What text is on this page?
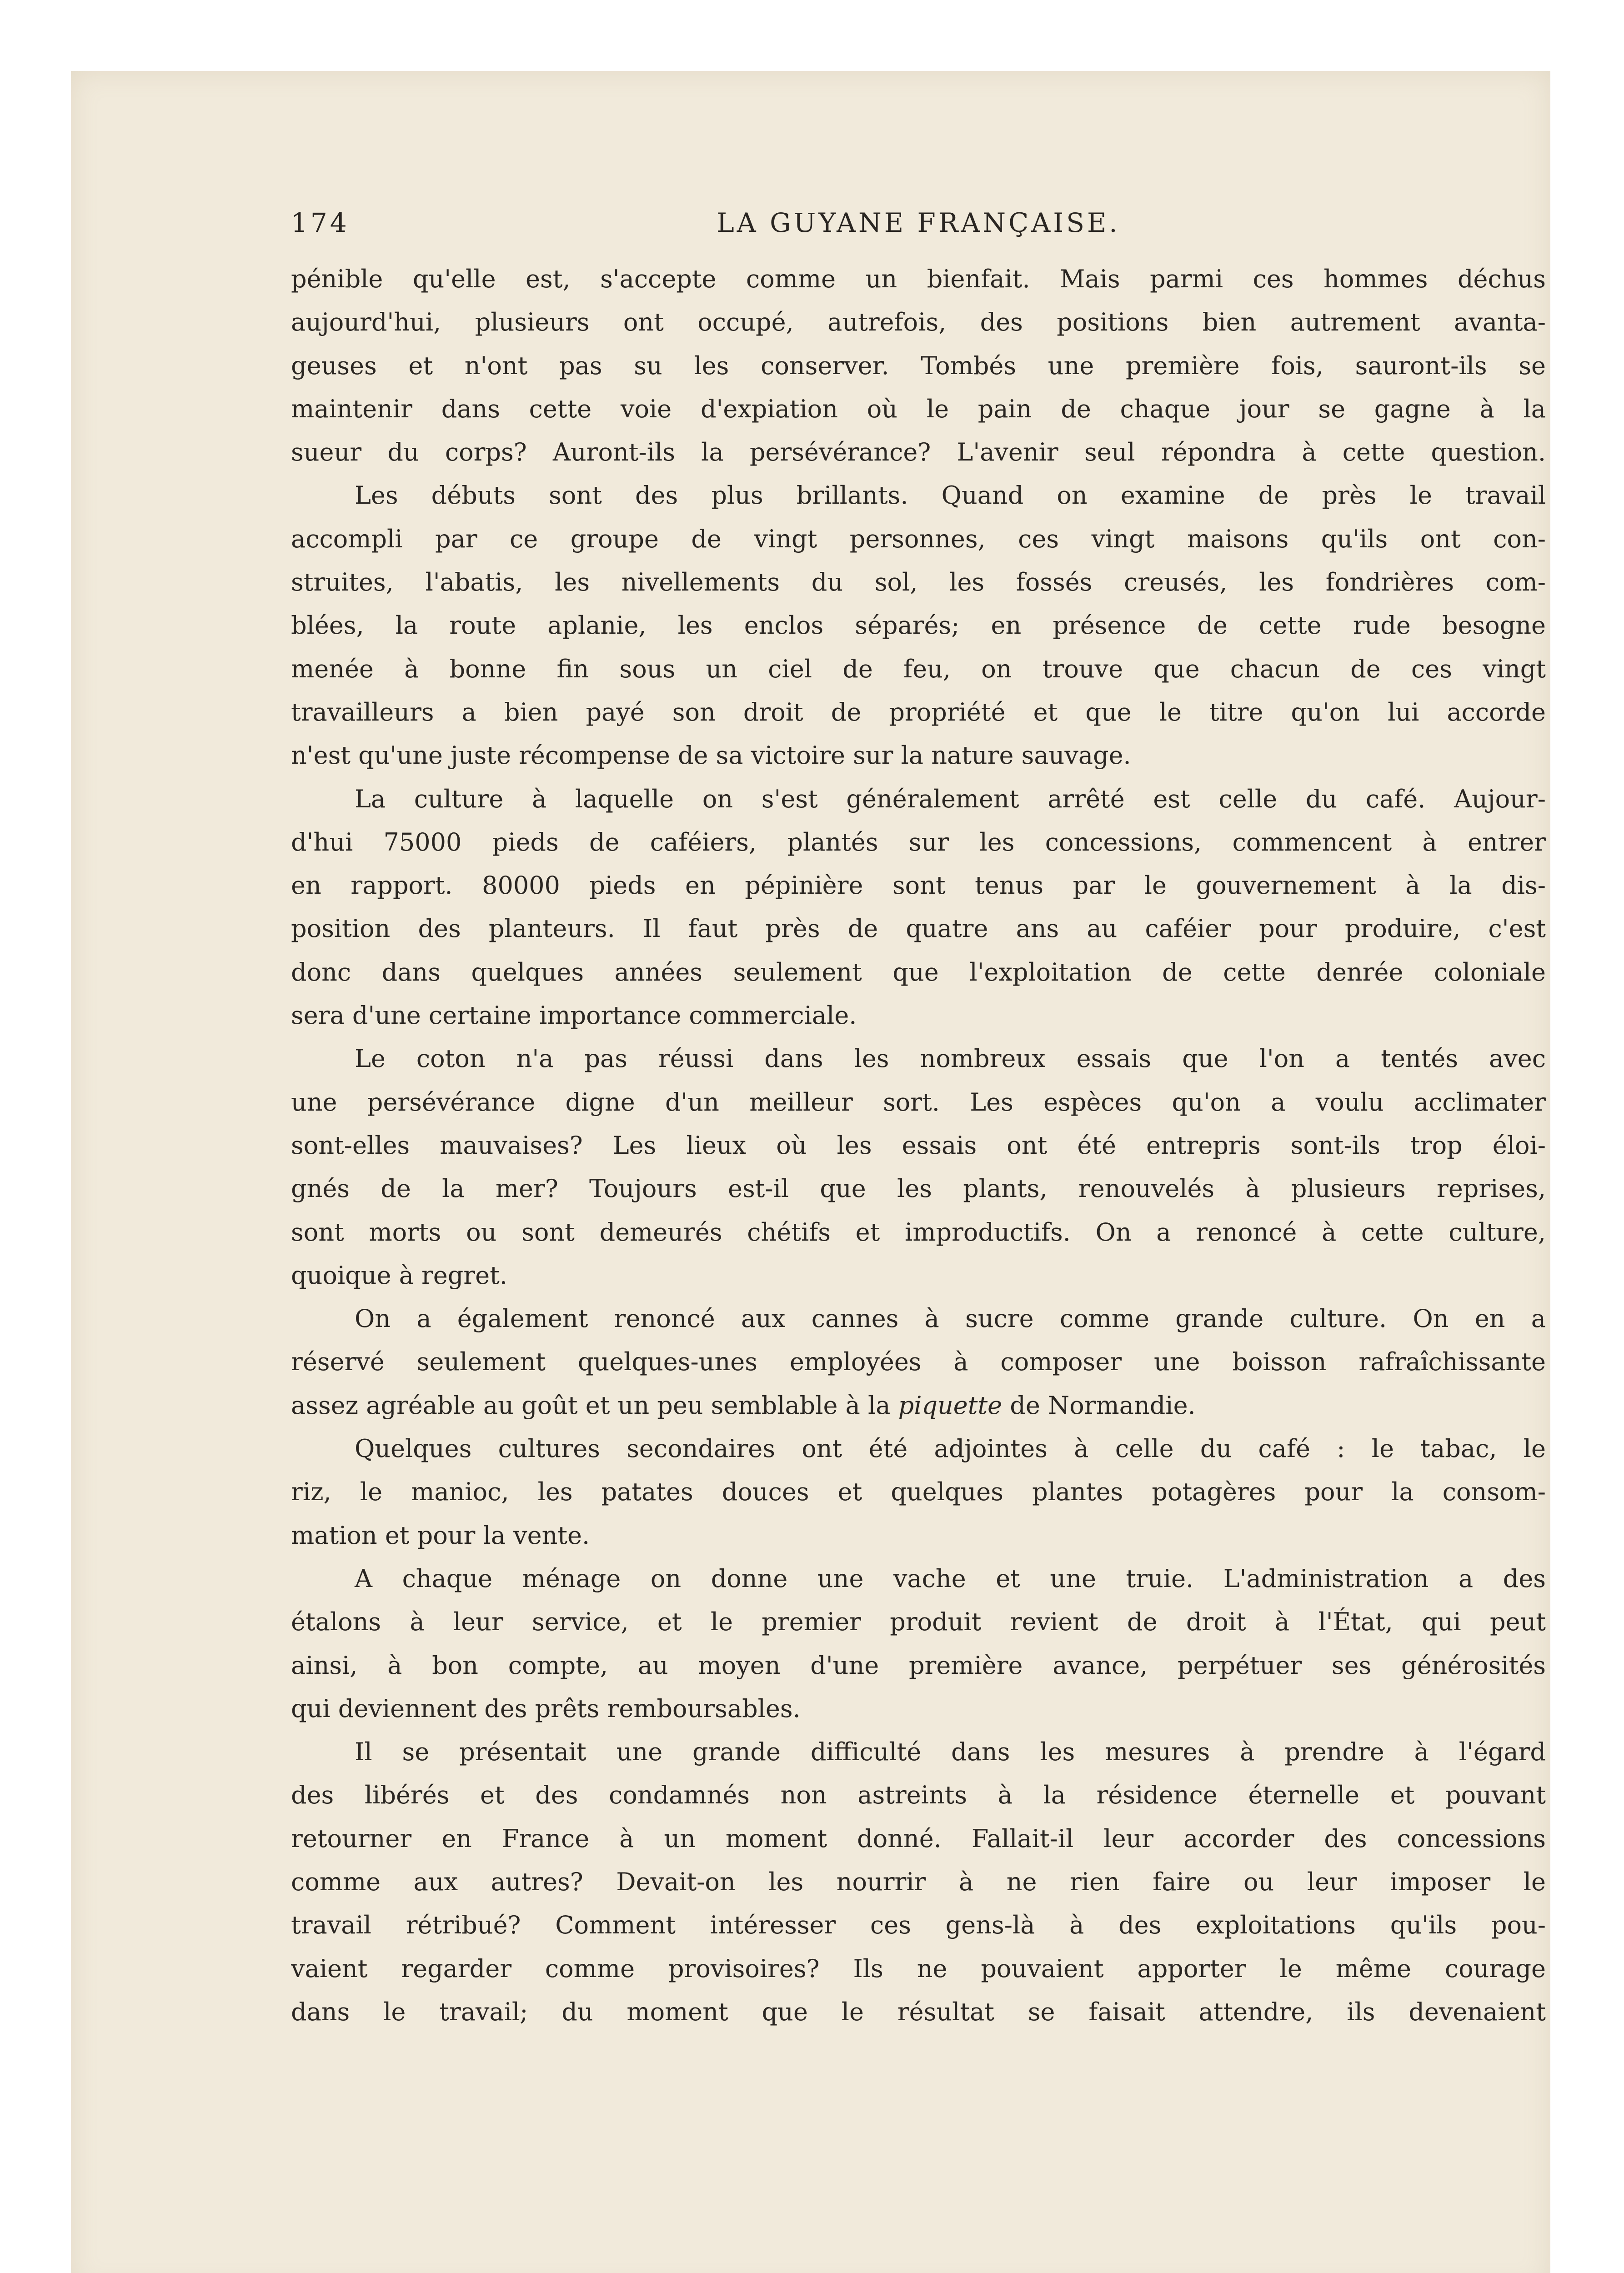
174	LA GUYANE FRANÇAISE.
pénible qu'elle est, s'accepte comme un bienfait. Mais parmi ces hommes déchus
aujourd'hui, plusieurs ont occupé, autrefois, des positions bien autrement avanta-
geuses et n'ont pas su les conserver. Tombés une première fois, sauront-ils se
maintenir dans cette voie d'expiation où le pain de chaque jour se gagne à la
sueur du corps? Auront-ils la persévérance? L'avenir seul répondra à cette question.
Les débuts sont des plus brillants. Quand on examine de près le travail
accompli par ce groupe de vingt personnes, ces vingt maisons qu'ils ont con-
struites, l'abatis, les nivellements du sol, les fossés creusés, les fondrières com-
blées, la route aplanie, les enclos séparés; en présence de cette rude besogne
menée à bonne fin sous un ciel de feu, on trouve que chacun de ces vingt
travailleurs a bien payé son droit de propriété et que le titre qu'on lui accorde
n'est qu'une juste récompense de sa victoire sur la nature sauvage.
La culture à laquelle on s'est généralement arrêté est celle du café. Aujour-
d'hui 75000 pieds de caféiers, plantés sur les concessions, commencent à entrer
en rapport. 80000 pieds en pépinière sont tenus par le gouvernement à la dis-
position des planteurs. Il faut près de quatre ans au caféier pour produire, c'est
donc dans quelques années seulement que l'exploitation de cette denrée coloniale
sera d'une certaine importance commerciale.
Le coton n'a pas réussi dans les nombreux essais que l'on a tentés avec
une persévérance digne d'un meilleur sort. Les espèces qu'on a voulu acclimater
sont-elles mauvaises? Les lieux où les essais ont été entrepris sont-ils trop éloi-
gnés de la mer? Toujours est-il que les plants, renouvelés à plusieurs reprises,
sont morts ou sont demeurés chétifs et improductifs. On a renoncé à cette culture,
quoique à regret.
On a également renoncé aux cannes à sucre comme grande culture. On en a
réservé seulement quelques-unes employées à composer une boisson rafraîchissante
assez agréable au goût et un peu semblable à la piquette de Normandie.
Quelques cultures secondaires ont été adjointes à celle du café : le tabac, le
riz, le manioc, les patates douces et quelques plantes potagères pour la consom-
mation et pour la vente.
A chaque ménage on donne une vache et une truie. L'administration a des
étalons à leur service, et le premier produit revient de droit à l'État, qui peut
ainsi, à bon compte, au moyen d'une première avance, perpétuer ses générosités
qui deviennent des prêts remboursables.
Il se présentait une grande difficulté dans les mesures à prendre à l'égard
des libérés et des condamnés non astreints à la résidence éternelle et pouvant
retourner en France à un moment donné. Fallait-il leur accorder des concessions
comme aux autres? Devait-on les nourrir à ne rien faire ou leur imposer le
travail rétribué? Comment intéresser ces gens-là à des exploitations qu'ils pou-
vaient regarder comme provisoires? Ils ne pouvaient apporter le même courage
dans le travail; du moment que le résultat se faisait attendre, ils devenaient
